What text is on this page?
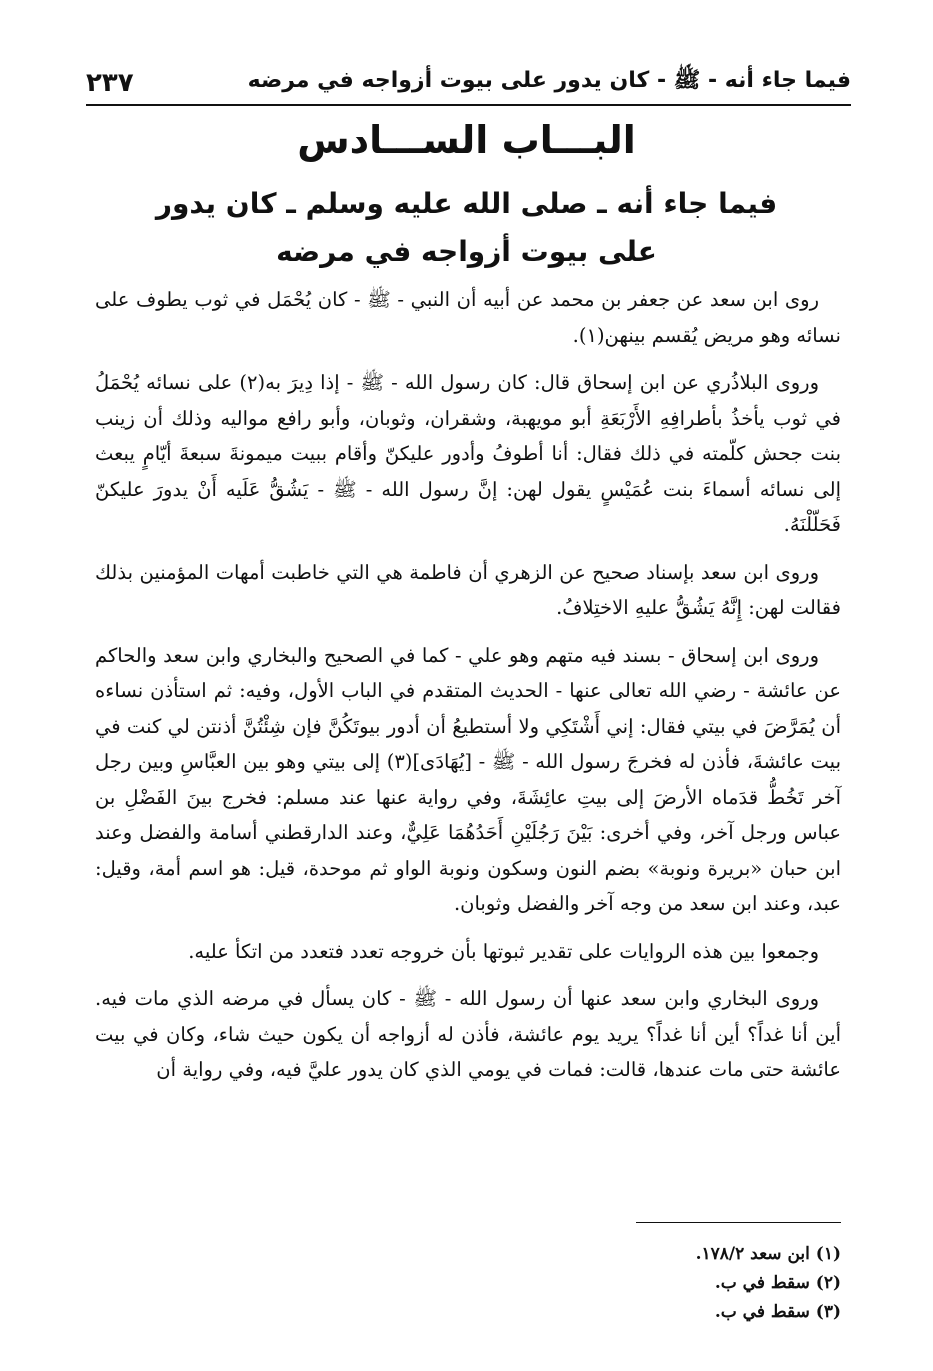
فيما جاء أنه - ﷺ - كان يدور على بيوت أزواجه في مرضه
٢٣٧
البـــاب الســـادس
فيما جاء أنه ـ صلى الله عليه وسلم ـ كان يدور
على بيوت أزواجه في مرضه

روى ابن سعد عن جعفر بن محمد عن أبيه أن النبي - ﷺ - كان يُحْمَل في ثوب يطوف على نسائه وهو مريض يُقسم بينهن(١).

وروى البلاذُري عن ابن إسحاق قال: كان رسول الله - ﷺ - إذا دِيرَ به(٢) على نسائه يُحْمَلُ في ثوب يأخذُ بأطرافِهِ الأَرْبَعَةِ أبو مويهبة، وشقران، وثوبان، وأبو رافع مواليه وذلك أن زينب بنت جحش كلّمته في ذلك فقال: أنا أطوفُ وأدور عليكنّ وأقام ببيت ميمونةَ سبعةَ أيّامٍ يبعث إلى نسائه أسماءَ بنت عُمَيْسٍ يقول لهن: إنَّ رسول الله - ﷺ - يَشُقُّ عَلَيه أَنْ يدورَ عليكنّ فَحَلّلْنَهُ.

وروى ابن سعد بإسناد صحيح عن الزهري أن فاطمة هي التي خاطبت أمهات المؤمنين بذلك فقالت لهن: إِنَّهُ يَشُقُّ عليهِ الاختِلافُ.

وروى ابن إسحاق - بسند فيه متهم وهو علي - كما في الصحيح والبخاري وابن سعد والحاكم عن عائشة - رضي الله تعالى عنها - الحديث المتقدم في الباب الأول، وفيه: ثم استأذن نساءه أن يُمَرَّضَ في بيتي فقال: إني أَشْتَكِي ولا أستطيعُ أن أدور بيوتَكُنَّ فإن شِئْتُنَّ أذنتن لي كنت في بيت عائشةَ، فأذن له فخرجَ رسول الله - ﷺ - [يُهَادَى](٣) إلى بيتي وهو بين العبَّاسِ وبين رجل آخر تَخُطُّ قدَماه الأرضَ إلى بيتِ عائِشَةَ، وفي رواية عنها عند مسلم: فخرج بينَ الفَضْلِ بن عباس ورجل آخر، وفي أخرى: بَيْنَ رَجُلَيْنِ أَحَدُهُمَا عَلِيٌّ، وعند الدارقطني أسامة والفضل وعند ابن حبان «بريرة ونوبة» بضم النون وسكون ونوبة الواو ثم موحدة، قيل: هو اسم أمة، وقيل: عبد، وعند ابن سعد من وجه آخر والفضل وثوبان.

وجمعوا بين هذه الروايات على تقدير ثبوتها بأن خروجه تعدد فتعدد من اتكأ عليه.

وروى البخاري وابن سعد عنها أن رسول الله - ﷺ - كان يسأل في مرضه الذي مات فيه. أين أنا غداً؟ أين أنا غداً؟ يريد يوم عائشة، فأذن له أزواجه أن يكون حيث شاء، وكان في بيت عائشة حتى مات عندها، قالت: فمات في يومي الذي كان يدور عليَّ فيه، وفي رواية أن

(١) ابن سعد ١٧٨/٢.
(٢) سقط في ب.
(٣) سقط في ب.
